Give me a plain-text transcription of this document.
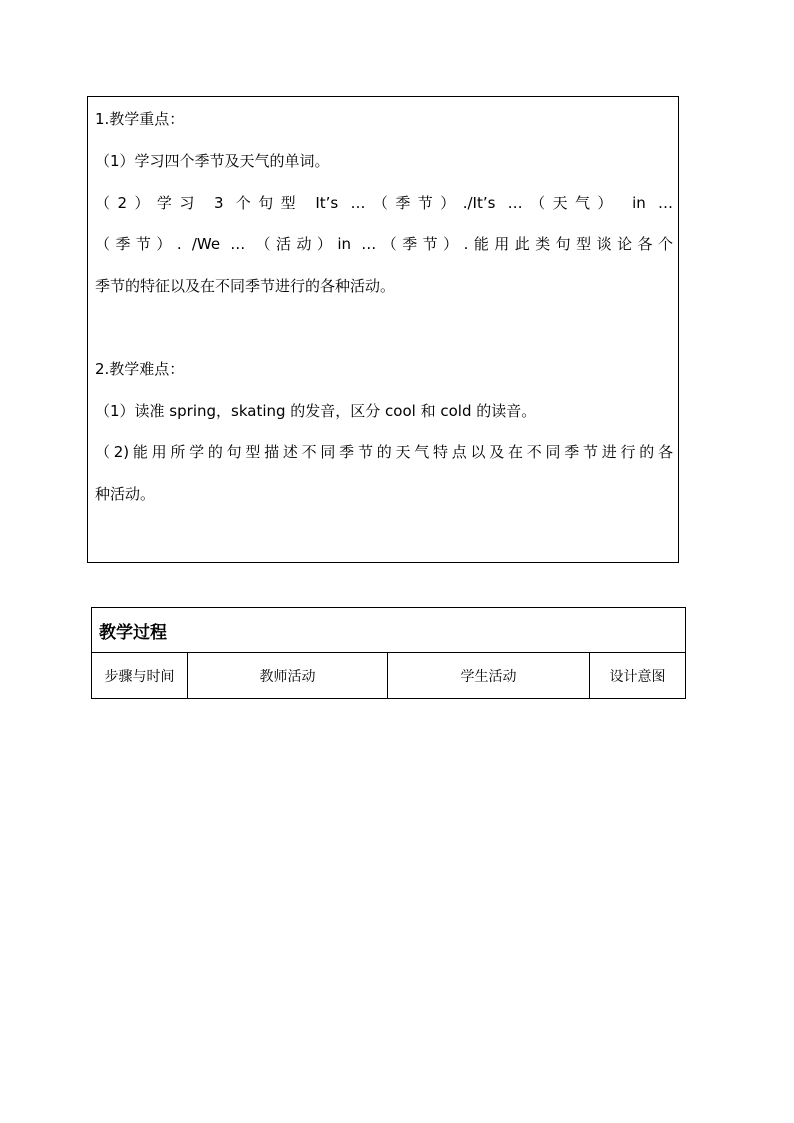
1.教学重点：
（1）学习四个季节及天气的单词。
（2）学习 3 个句型 It’s …（季节）./It’s …（天气） in …
（季节）. /We … （活动）in …（季节）.能用此类句型谈论各个
季节的特征以及在不同季节进行的各种活动。
2.教学难点：
（1）读准 spring，skating 的发音，区分 cool 和 cold 的读音。
（2)能用所学的句型描述不同季节的天气特点以及在不同季节进行的各
种活动。
教学过程
步骤与时间	教师活动	学生活动	设计意图
